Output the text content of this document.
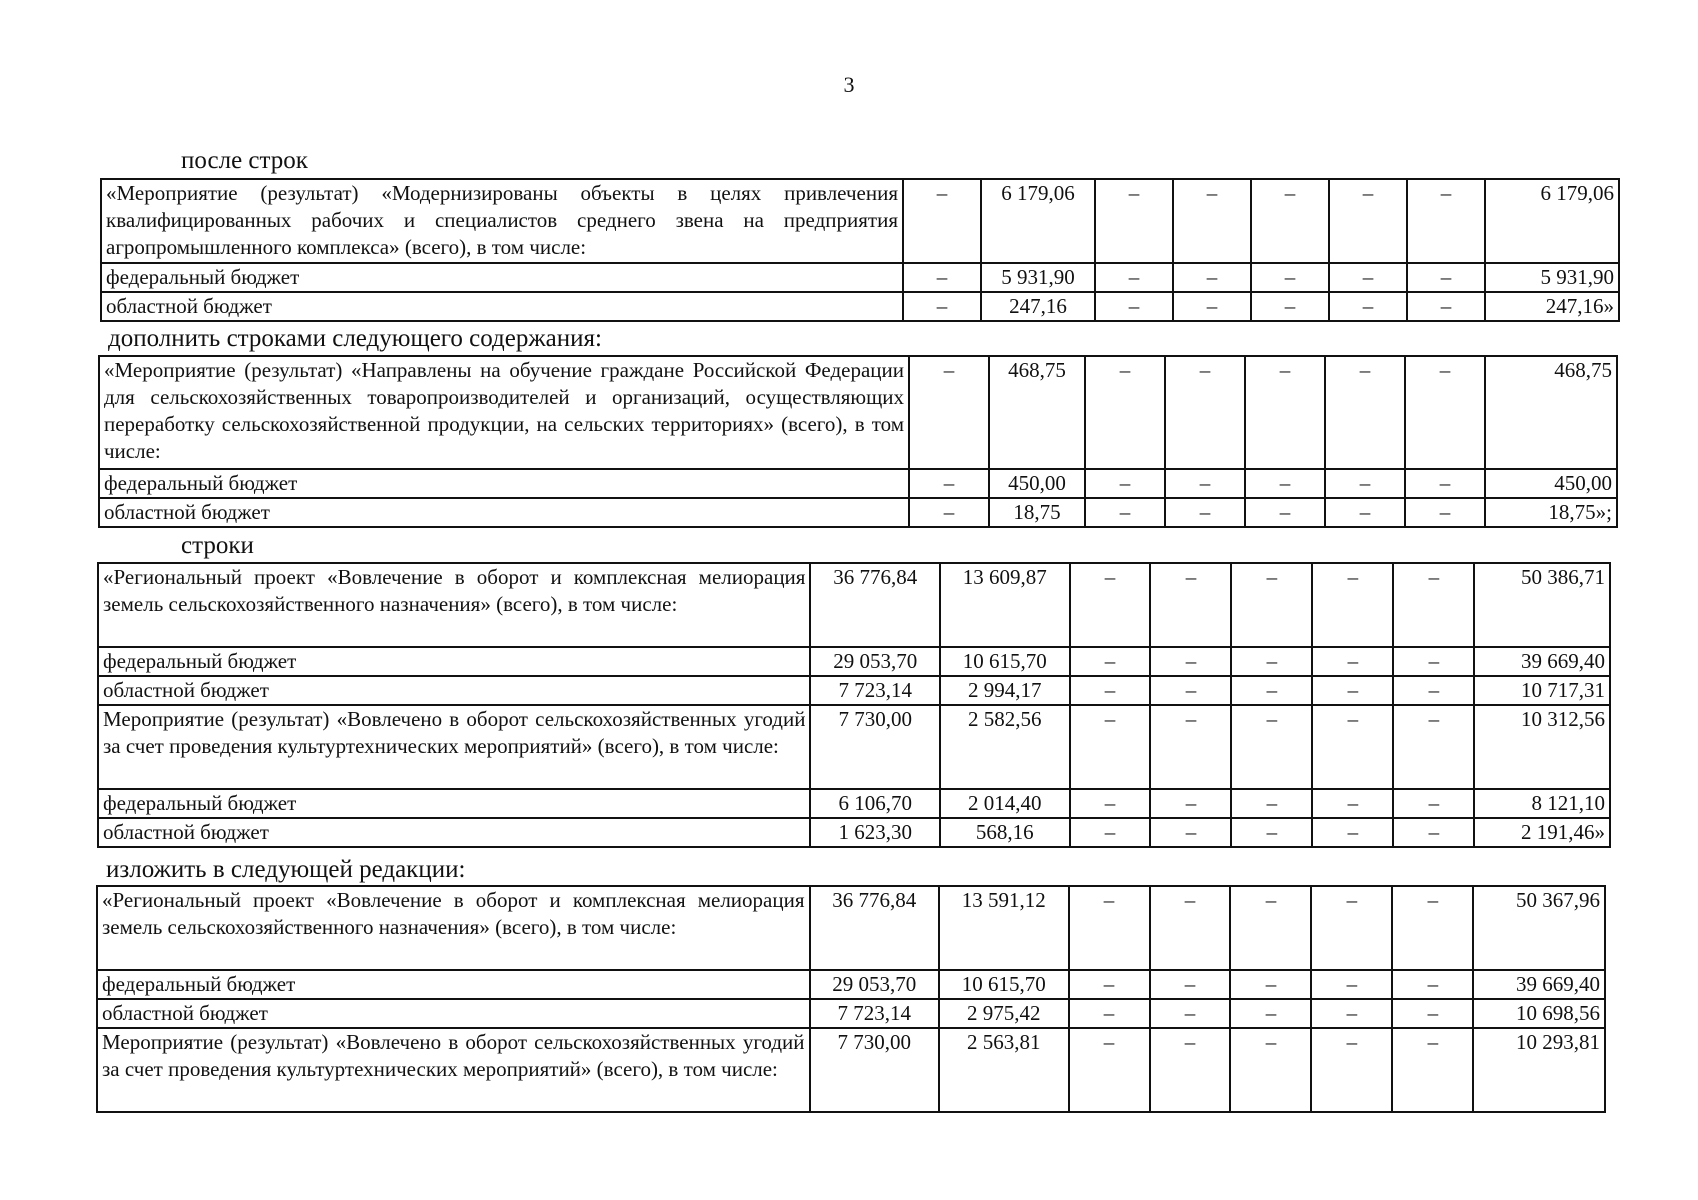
3
после строк
«Мероприятие (результат) «Модернизированы объекты в целях привлечения квалифицированных рабочих и специалистов среднего звена на предприятия агропромышленного комплекса» (всего), в том числе:	–	6 179,06	–	–	–	–	–	6 179,06
федеральный бюджет	–	5 931,90	–	–	–	–	–	5 931,90
областной бюджет	–	247,16	–	–	–	–	–	247,16»
дополнить строками следующего содержания:
«Мероприятие (результат) «Направлены на обучение граждане Российской Федерации для сельскохозяйственных товаропроизводителей и организаций, осуществляющих переработку сельскохозяйственной продукции, на сельских территориях» (всего), в том числе:	–	468,75	–	–	–	–	–	468,75
федеральный бюджет	–	450,00	–	–	–	–	–	450,00
областной бюджет	–	18,75	–	–	–	–	–	18,75»;
строки
«Региональный проект «Вовлечение в оборот и комплексная мелиорация земель сельскохозяйственного назначения» (всего), в том числе:	36 776,84	13 609,87	–	–	–	–	–	50 386,71
федеральный бюджет	29 053,70	10 615,70	–	–	–	–	–	39 669,40
областной бюджет	7 723,14	2 994,17	–	–	–	–	–	10 717,31
Мероприятие (результат) «Вовлечено в оборот сельскохозяйственных угодий за счет проведения культуртехнических мероприятий» (всего), в том числе:	7 730,00	2 582,56	–	–	–	–	–	10 312,56
федеральный бюджет	6 106,70	2 014,40	–	–	–	–	–	8 121,10
областной бюджет	1 623,30	568,16	–	–	–	–	–	2 191,46»
изложить в следующей редакции:
«Региональный проект «Вовлечение в оборот и комплексная мелиорация земель сельскохозяйственного назначения» (всего), в том числе:	36 776,84	13 591,12	–	–	–	–	–	50 367,96
федеральный бюджет	29 053,70	10 615,70	–	–	–	–	–	39 669,40
областной бюджет	7 723,14	2 975,42	–	–	–	–	–	10 698,56
Мероприятие (результат) «Вовлечено в оборот сельскохозяйственных угодий за счет проведения культуртехнических мероприятий» (всего), в том числе:	7 730,00	2 563,81	–	–	–	–	–	10 293,81
